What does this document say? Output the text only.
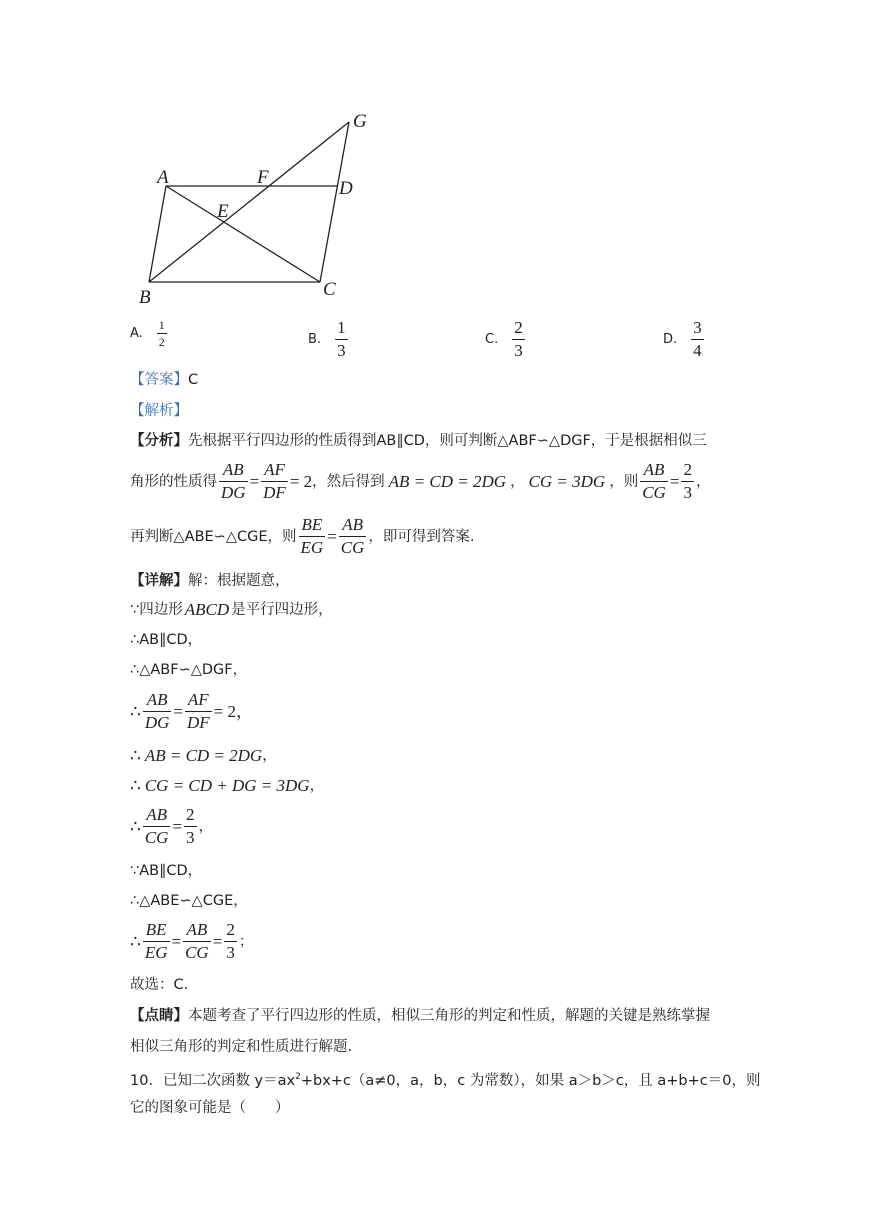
G
A	F
D
E
B	C
A. $\frac{1}{2}$	B. $\frac{1}{3}$	C. $\frac{2}{3}$	D. $\frac{3}{4}$
【答案】C
【解析】
【分析】先根据平行四边形的性质得到AB∥CD，则可判断△ABF∽△DGF，于是根据相似三
角形的性质得 $\frac{AB}{DG} = \frac{AF}{DF} = 2$ ，然后得到 AB = CD = 2DG ， CG = 3DG ，则 $\frac{AB}{CG} = \frac{2}{3}$ ，
再判断△ABE∽△CGE，则 $\frac{BE}{EG} = \frac{AB}{CG}$ ，即可得到答案.
【详解】解：根据题意，
∵四边形 ABCD 是平行四边形，
∴AB∥CD，
∴△ABF∽△DGF，
∴ $\frac{AB}{DG} = \frac{AF}{DF} = 2$，
∴ AB = CD = 2DG ，
∴ CG = CD + DG = 3DG ，
∴ $\frac{AB}{CG} = \frac{2}{3}$ ，
∵AB∥CD，
∴△ABE∽△CGE，
∴ $\frac{BE}{EG} = \frac{AB}{CG} = \frac{2}{3}$ ；
故选：C.
【点睛】本题考查了平行四边形的性质，相似三角形的判定和性质，解题的关键是熟练掌握
相似三角形的判定和性质进行解题.
10．已知二次函数 $y=ax^2+bx+c(a\ne 0$，a，b，c 为常数），如果 a＞b＞c，且 a+b+c＝0，则
它的图象可能是（　　）
